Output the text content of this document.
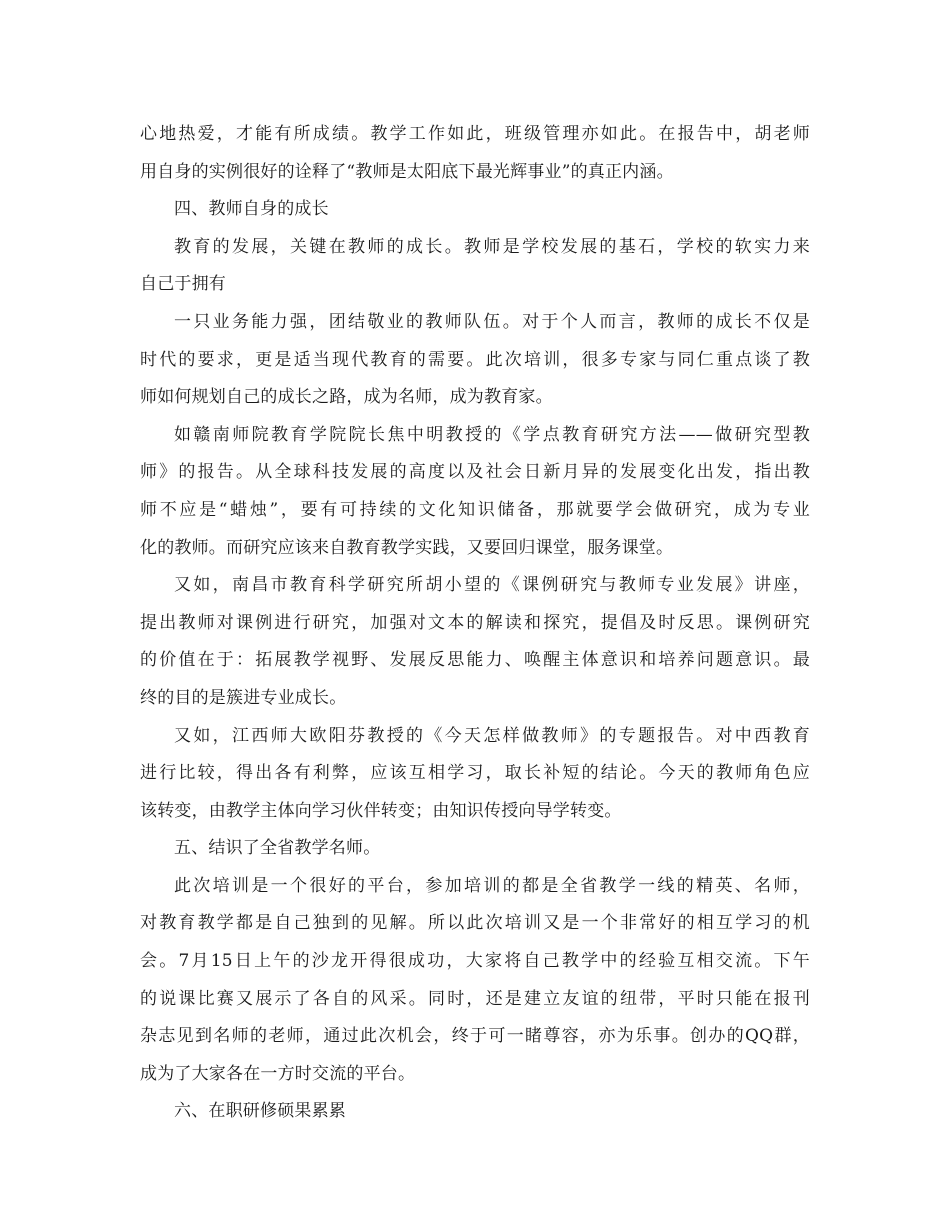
心地热爱，才能有所成绩。教学工作如此，班级管理亦如此。在报告中，胡老师
用自身的实例很好的诠释了“教师是太阳底下最光辉事业”的真正内涵。
四、教师自身的成长
教育的发展，关键在教师的成长。教师是学校发展的基石，学校的软实力来
自己于拥有
一只业务能力强，团结敬业的教师队伍。对于个人而言，教师的成长不仅是
时代的要求，更是适当现代教育的需要。此次培训，很多专家与同仁重点谈了教
师如何规划自己的成长之路，成为名师，成为教育家。
如赣南师院教育学院院长焦中明教授的《学点教育研究方法——做研究型教
师》的报告。从全球科技发展的高度以及社会日新月异的发展变化出发，指出教
师不应是“蜡烛”，要有可持续的文化知识储备，那就要学会做研究，成为专业
化的教师。而研究应该来自教育教学实践，又要回归课堂，服务课堂。
又如，南昌市教育科学研究所胡小望的《课例研究与教师专业发展》讲座，
提出教师对课例进行研究，加强对文本的解读和探究，提倡及时反思。课例研究
的价值在于：拓展教学视野、发展反思能力、唤醒主体意识和培养问题意识。最
终的目的是簇进专业成长。
又如，江西师大欧阳芬教授的《今天怎样做教师》的专题报告。对中西教育
进行比较，得出各有利弊，应该互相学习，取长补短的结论。今天的教师角色应
该转变，由教学主体向学习伙伴转变；由知识传授向导学转变。
五、结识了全省教学名师。
此次培训是一个很好的平台，参加培训的都是全省教学一线的精英、名师，
对教育教学都是自己独到的见解。所以此次培训又是一个非常好的相互学习的机
会。7月15日上午的沙龙开得很成功，大家将自己教学中的经验互相交流。下午
的说课比赛又展示了各自的风采。同时，还是建立友谊的纽带，平时只能在报刊
杂志见到名师的老师，通过此次机会，终于可一睹尊容，亦为乐事。创办的QQ群，
成为了大家各在一方时交流的平台。
六、在职研修硕果累累
